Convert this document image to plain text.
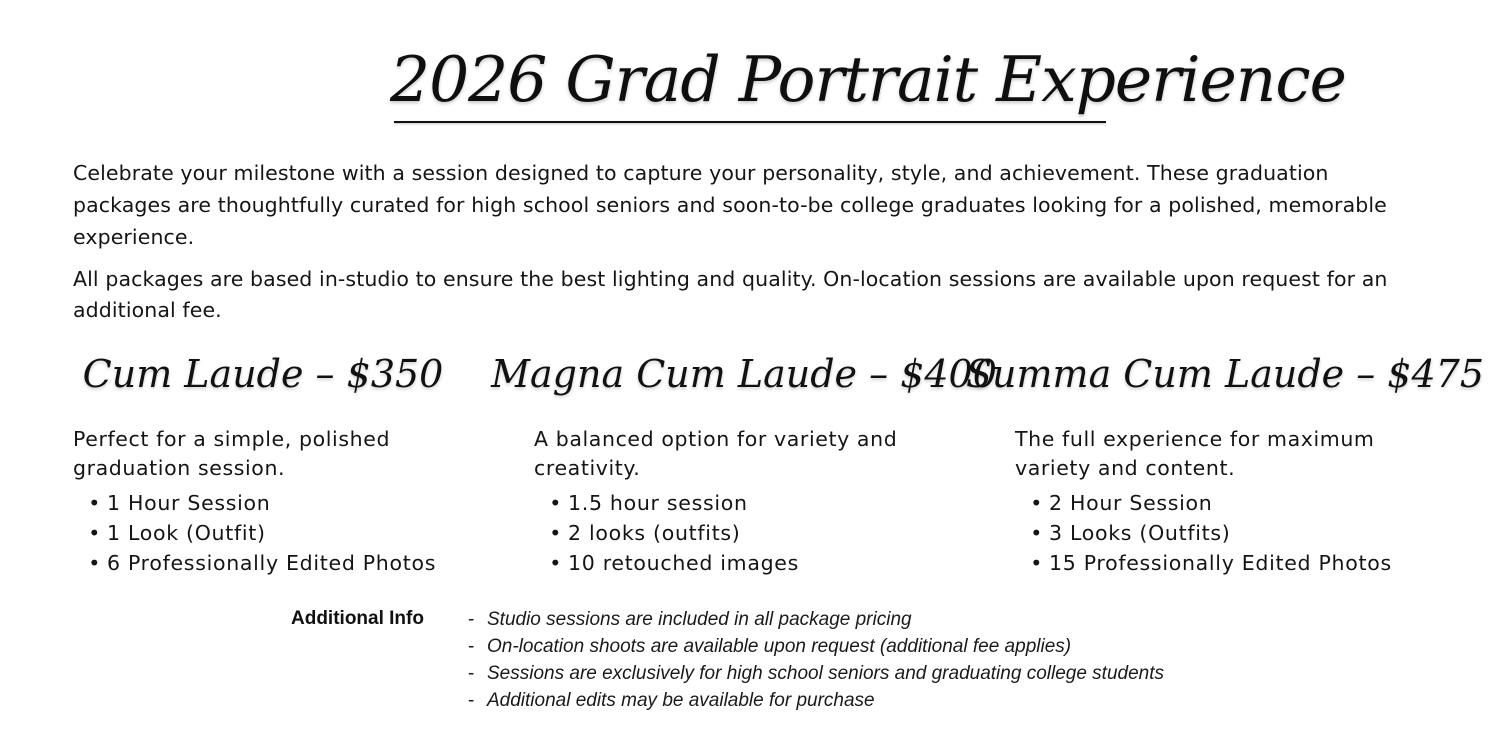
2026 Grad Portrait Experience

Celebrate your milestone with a session designed to capture your personality, style, and achievement. These graduation packages are thoughtfully curated for high school seniors and soon-to-be college graduates looking for a polished, memorable experience.

All packages are based in-studio to ensure the best lighting and quality. On-location sessions are available upon request for an additional fee.

Cum Laude – $350
Perfect for a simple, polished graduation session.
• 1 Hour Session
• 1 Look (Outfit)
• 6 Professionally Edited Photos
Magna Cum Laude – $400
A balanced option for variety and creativity.
• 1.5 hour session
• 2 looks (outfits)
• 10 retouched images
Summa Cum Laude – $475
The full experience for maximum variety and content.
• 2 Hour Session
• 3 Looks (Outfits)
• 15 Professionally Edited Photos
Additional Info - Studio sessions are included in all package pricing
- On-location shoots are available upon request (additional fee applies)
- Sessions are exclusively for high school seniors and graduating college students
- Additional edits may be available for purchase
